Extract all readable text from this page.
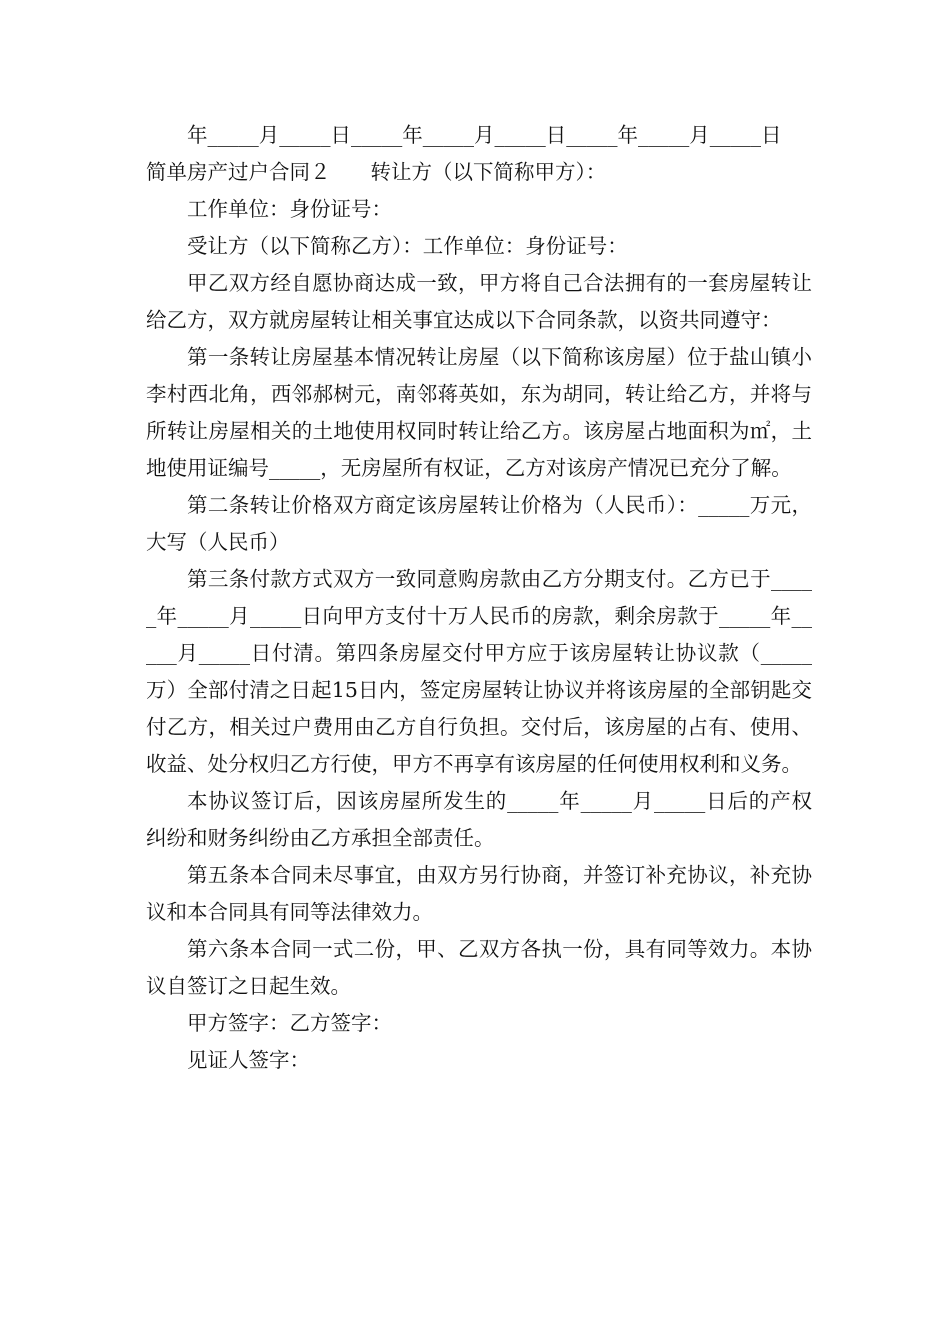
年_____月_____日_____年_____月_____日_____年_____月_____日

简单房产过户合同２ 转让方（以下简称甲方）：

工作单位：身份证号：

受让方（以下简称乙方）：工作单位：身份证号：

甲乙双方经自愿协商达成一致，甲方将自己合法拥有的一套房屋转让给乙方，双方就房屋转让相关事宜达成以下合同条款，以资共同遵守：

第一条转让房屋基本情况转让房屋（以下简称该房屋）位于盐山镇小李村西北角，西邻郝树元，南邻蒋英如，东为胡同，转让给乙方，并将与所转让房屋相关的土地使用权同时转让给乙方。该房屋占地面积为㎡，土地使用证编号_____，无房屋所有权证，乙方对该房产情况已充分了解。

第二条转让价格双方商定该房屋转让价格为（人民币）：_____万元，大写（人民币）

第三条付款方式双方一致同意购房款由乙方分期支付。乙方已于_____年_____月_____日向甲方支付十万人民币的房款，剩余房款于_____年_____月_____日付清。第四条房屋交付甲方应于该房屋转让协议款（_____万）全部付清之日起15日内，签定房屋转让协议并将该房屋的全部钥匙交付乙方，相关过户费用由乙方自行负担。交付后，该房屋的占有、使用、收益、处分权归乙方行使，甲方不再享有该房屋的任何使用权利和义务。

本协议签订后，因该房屋所发生的_____年_____月_____日后的产权纠纷和财务纠纷由乙方承担全部责任。

第五条本合同未尽事宜，由双方另行协商，并签订补充协议，补充协议和本合同具有同等法律效力。

第六条本合同一式二份，甲、乙双方各执一份，具有同等效力。本协议自签订之日起生效。

甲方签字：乙方签字：

见证人签字：
